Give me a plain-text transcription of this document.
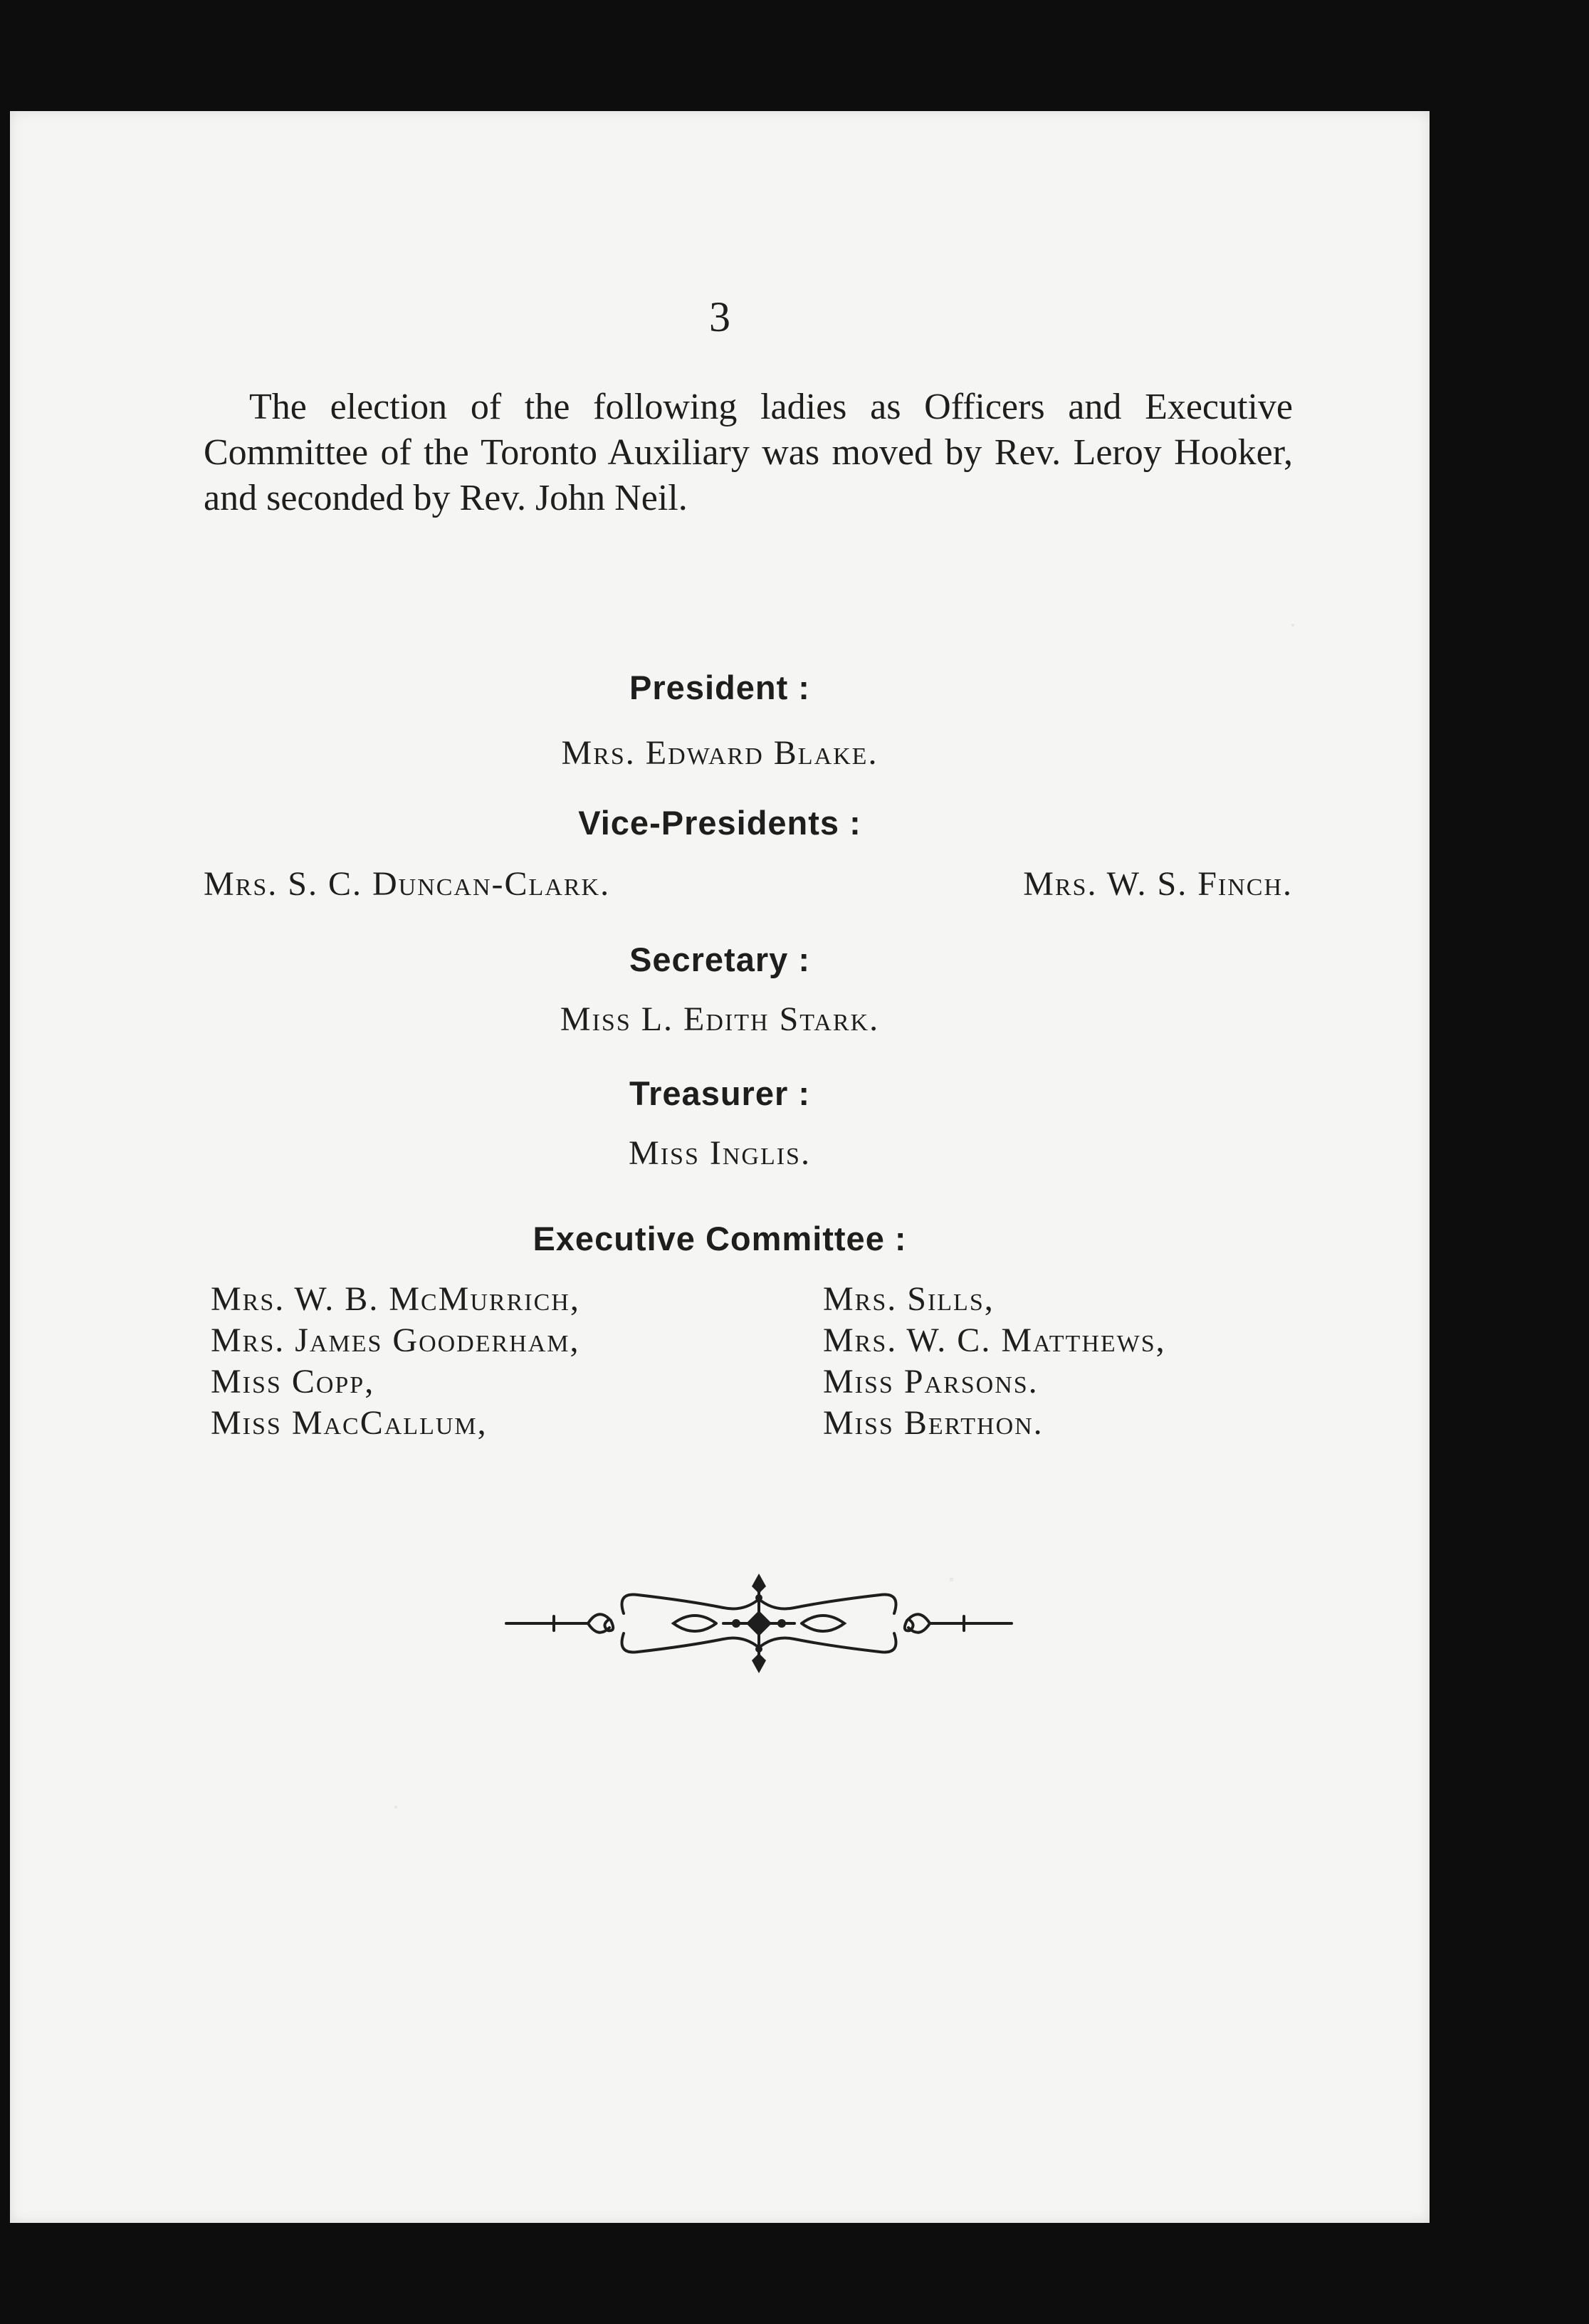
3

The election of the following ladies as Officers and Executive Committee of the Toronto Auxiliary was moved by Rev. Leroy Hooker, and seconded by Rev. John Neil.

President :
Mrs. Edward Blake.
Vice-Presidents :
Mrs. S. C. Duncan-Clark.	Mrs. W. S. Finch.
Secretary :
Miss L. Edith Stark.
Treasurer :
Miss Inglis.
Executive Committee :
Mrs. W. B. McMurrich,
Mrs. James Gooderham,
Miss Copp,
Miss MacCallum,
Mrs. Sills,
Mrs. W. C. Matthews,
Miss Parsons.
Miss Berthon.
